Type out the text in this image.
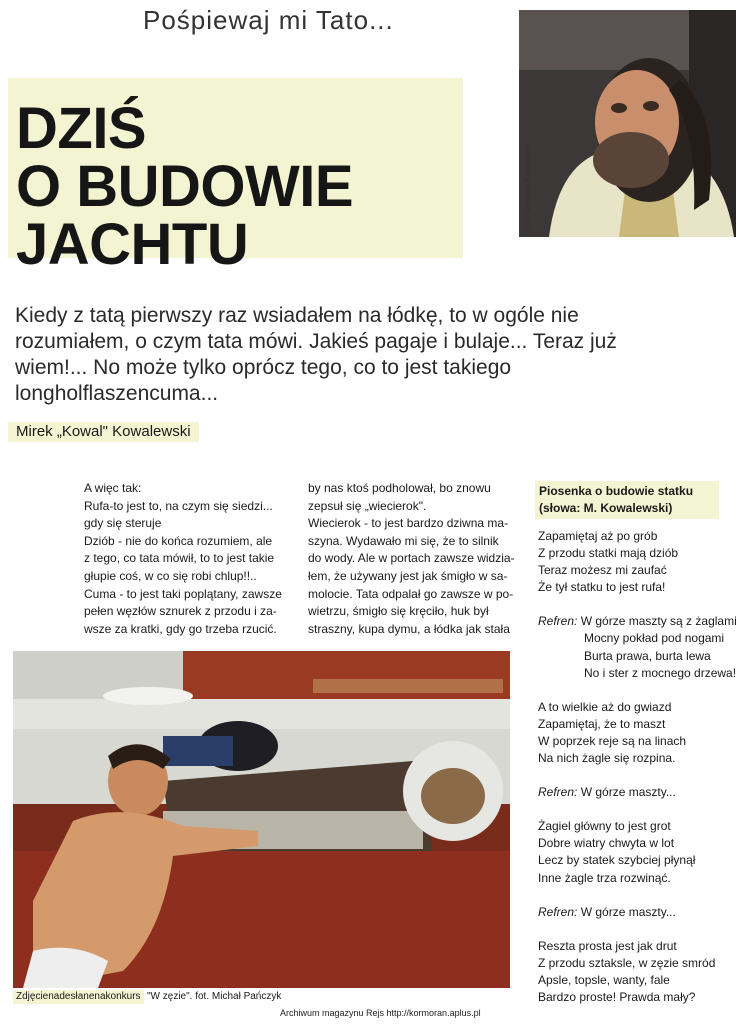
Pośpiewaj mi Tato...
DZIŚ
O BUDOWIE
JACHTU
Fot. Wiesław Kaczmarek
Kiedy z tatą pierwszy raz wsiadałem na łódkę, to w ogóle nie rozumiałem, o czym tata mówi. Jakieś pagaje i bulaje... Teraz już wiem!... No może tylko oprócz tego, co to jest takiego longholflaszencuma...
Mirek „Kowal" Kowalewski

A więc tak:

Rufa-to jest to, na czym się siedzi...

gdy się steruje

Dziób - nie do końca rozumiem, ale

z tego, co tata mówił, to to jest takie

głupie coś, w co się robi chlup!!..

Cuma - to jest taki poplątany, zawsze

pełen węzłów sznurek z przodu i za-

wsze za kratki, gdy go trzeba rzucić.

by nas ktoś podholował, bo znowu

zepsuł się „wiecierok".

Wiecierok - to jest bardzo dziwna ma-

szyna. Wydawało mi się, że to silnik

do wody. Ale w portach zawsze widzia-

łem, że używany jest jak śmigło w sa-

molocie. Tata odpalał go zawsze w po-

wietrzu, śmigło się kręciło, huk był

straszny, kupa dymu, a łódka jak stała

Piosenka o budowie statku

(słowa: M. Kowalewski)

Zapamiętaj aż po grób

Z przodu statki mają dziób

Teraz możesz mi zaufać

Że tył statku to jest rufa!

Refren: W górze maszty są z żaglami

Mocny pokład pod nogami

Burta prawa, burta lewa

No i ster z mocnego drzewa!

A to wielkie aż do gwiazd

Zapamiętaj, że to maszt

W poprzek reje są na linach

Na nich żagle się rozpina.

Refren: W górze maszty...

Żagiel główny to jest grot

Dobre wiatry chwyta w lot

Lecz by statek szybciej płynął

Inne żagle trza rozwinąć.

Refren: W górze maszty...

Reszta prosta jest jak drut

Z przodu sztaksle, w zęzie smród

Apsle, topsle, wanty, fale

Bardzo proste! Prawda mały?

Zdjęcienadesłanenakonkurs "W zęzie". fot. Michał Pańczyk
Archiwum magazynu Rejs http://kormoran.aplus.pl
